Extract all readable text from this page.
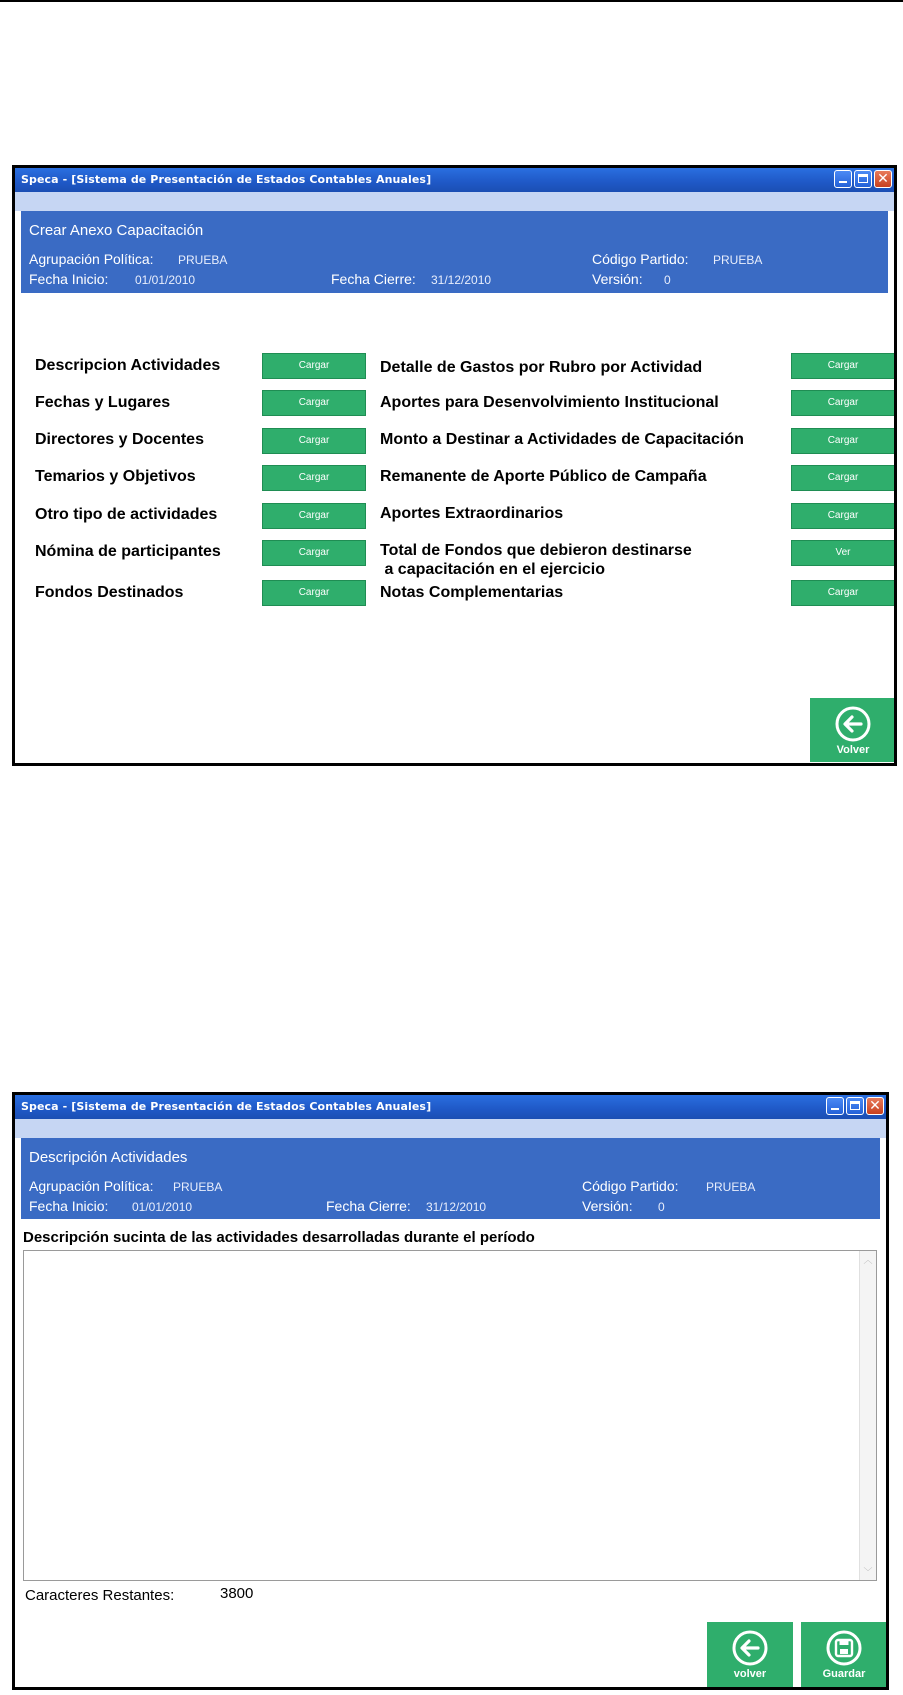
Speca - [Sistema de Presentación de Estados Contables Anuales]	✕
Crear Anexo Capacitación
Agrupación Política: PRUEBA	Código Partido: PRUEBA
Fecha Inicio: 01/01/2010	Fecha Cierre: 31/12/2010	Versión: 0
Descripcion Actividades	Cargar
Fechas y Lugares	Cargar
Directores y Docentes	Cargar
Temarios y Objetivos	Cargar
Otro tipo de actividades	Cargar
Nómina de participantes	Cargar
Fondos Destinados	Cargar
Detalle de Gastos por Rubro por Actividad	Cargar
Aportes para Desenvolvimiento Institucional	Cargar
Monto a Destinar a Actividades de Capacitación	Cargar
Remanente de Aporte Público de Campaña	Cargar
Aportes Extraordinarios	Cargar
Total de Fondos que debieron destinarse
a capacitación en el ejercicio
Ver
Notas Complementarias	Cargar
Volver
Speca - [Sistema de Presentación de Estados Contables Anuales]	✕
Descripción Actividades
Agrupación Política: PRUEBA	Código Partido: PRUEBA
Fecha Inicio: 01/01/2010	Fecha Cierre: 31/12/2010	Versión: 0
Descripción sucinta de las actividades desarrolladas durante el período
︿
﹀
Caracteres Restantes:	3800
volver	Guardar
